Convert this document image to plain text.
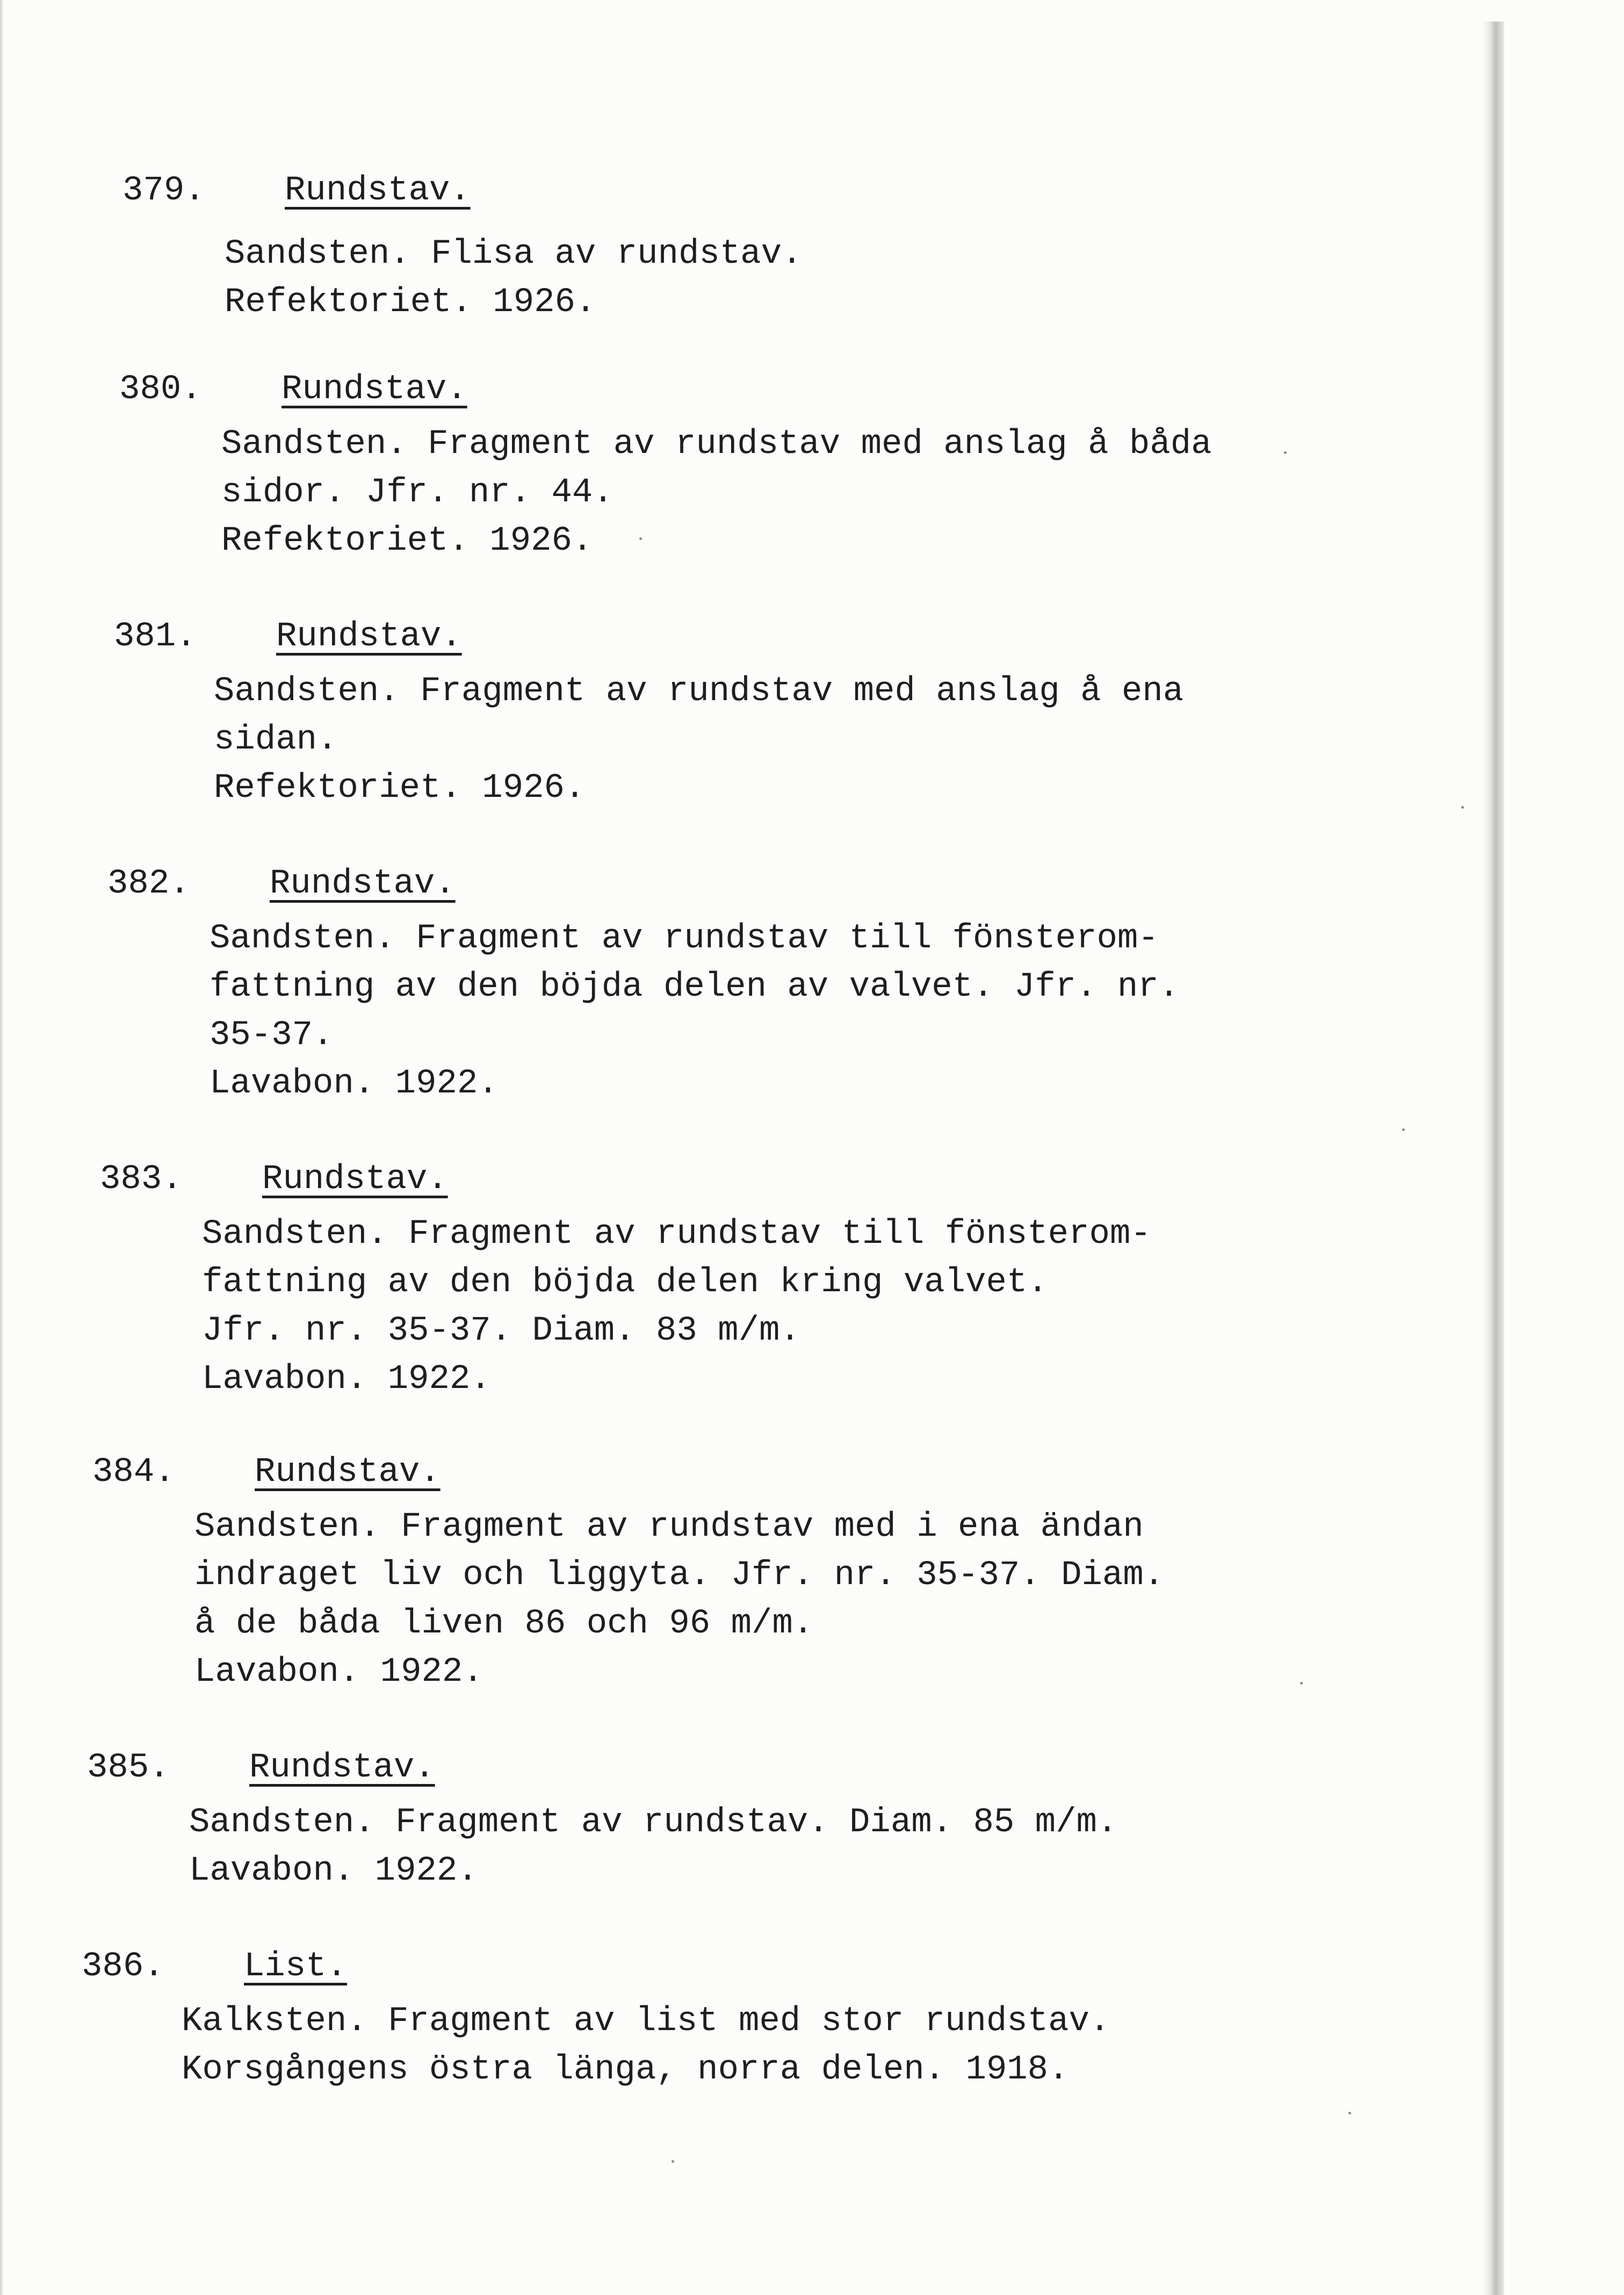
379. Rundstav.
Sandsten. Flisa av rundstav.
Refektoriet. 1926.
380. Rundstav.
Sandsten. Fragment av rundstav med anslag å båda
sidor. Jfr. nr. 44.
Refektoriet. 1926.
381. Rundstav.
Sandsten. Fragment av rundstav med anslag å ena
sidan.
Refektoriet. 1926.
382. Rundstav.
Sandsten. Fragment av rundstav till fönsterom-
fattning av den böjda delen av valvet. Jfr. nr.
35-37.
Lavabon. 1922.
383. Rundstav.
Sandsten. Fragment av rundstav till fönsterom-
fattning av den böjda delen kring valvet.
Jfr. nr. 35-37. Diam. 83 m/m.
Lavabon. 1922.
384. Rundstav.
Sandsten. Fragment av rundstav med i ena ändan
indraget liv och liggyta. Jfr. nr. 35-37. Diam.
å de båda liven 86 och 96 m/m.
Lavabon. 1922.
385. Rundstav.
Sandsten. Fragment av rundstav. Diam. 85 m/m.
Lavabon. 1922.
386. List.
Kalksten. Fragment av list med stor rundstav.
Korsgångens östra länga, norra delen. 1918.
